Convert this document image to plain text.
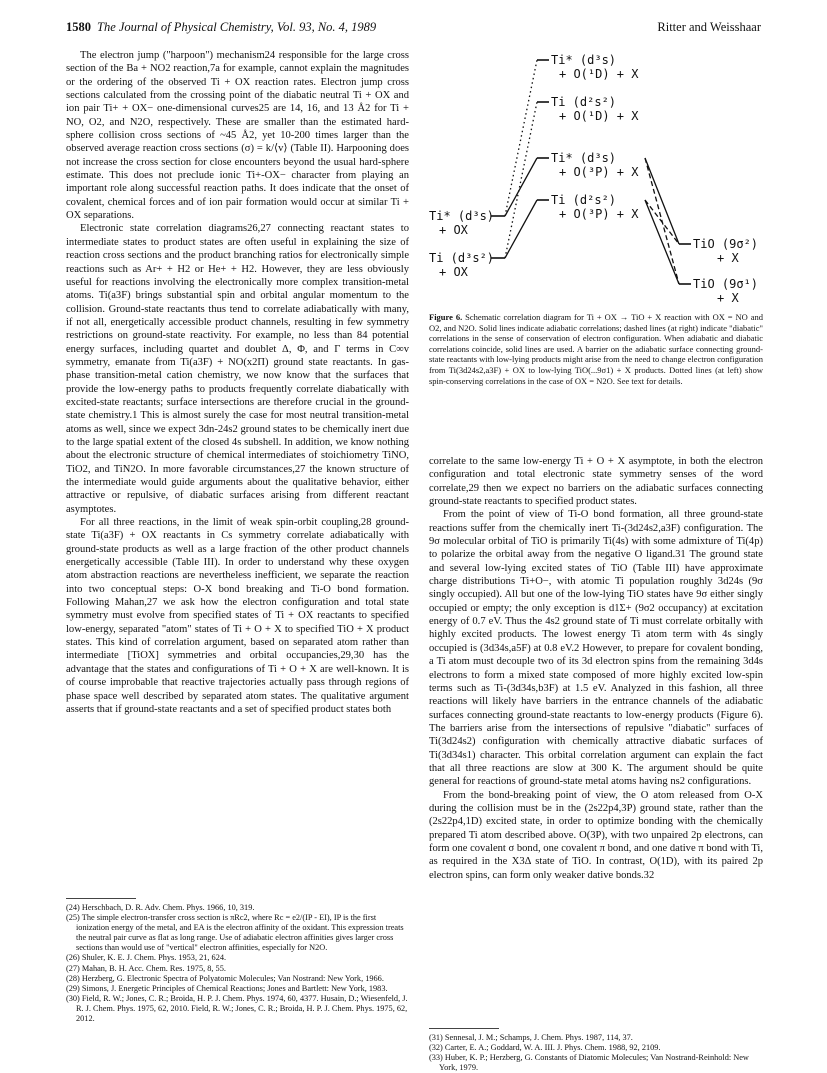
1580 The Journal of Physical Chemistry, Vol. 93, No. 4, 1989	Ritter and Weisshaar

The electron jump ("harpoon") mechanism24 responsible for the large cross section of the Ba + NO2 reaction,7a for example, cannot explain the magnitudes or the ordering of the observed Ti + OX reaction rates. Electron jump cross sections calculated from the crossing point of the diabatic neutral Ti + OX and ion pair Ti+ + OX− one-dimensional curves25 are 14, 16, and 13 Å2 for Ti + NO, O2, and N2O, respectively. These are smaller than the estimated hard-sphere collision cross sections of ~45 Å2, yet 10-200 times larger than the observed average reaction cross sections (σ) = k/⟨v⟩ (Table II). Harpooning does not increase the cross section for close encounters beyond the usual hard-sphere estimate. This does not preclude ionic Ti+-OX− character from playing an important role along successful reaction paths. It does indicate that the onset of covalent, chemical forces and of ion pair formation would occur at similar Ti + OX separations.

Electronic state correlation diagrams26,27 connecting reactant states to intermediate states to product states are often useful in explaining the size of reaction cross sections and the product branching ratios for electronically simple reactions such as Ar+ + H2 or He+ + H2. However, they are less obviously useful for reactions involving the electronically more complex transition-metal atoms. Ti(a3F) brings substantial spin and orbital angular momentum to the collision. Ground-state reactants thus tend to correlate adiabatically with many, if not all, energetically accessible product channels, resulting in few symmetry restrictions on ground-state reactivity. For example, no less than 84 potential energy surfaces, including quartet and doublet Δ, Φ, and Γ terms in C∞v symmetry, emanate from Ti(a3F) + NO(x2Π) ground state reactants. In gas-phase transition-metal cation chemistry, we now know that the surfaces that provide the low-energy paths to products frequently correlate diabatically with excited-state reactants; surface intersections are therefore crucial in the ground-state chemistry.1 This is almost surely the case for most neutral transition-metal atoms as well, since we expect 3dn-24s2 ground states to be chemically inert due to the large spatial extent of the closed 4s subshell. In addition, we know nothing about the electronic structure of chemical intermediates of stoichiometry TiNO, TiO2, and TiN2O. In more favorable circumstances,27 the known structure of the intermediate would guide arguments about the qualitative behavior, either attractive or repulsive, of diabatic surfaces arising from different reactant asymptotes.

For all three reactions, in the limit of weak spin-orbit coupling,28 ground-state Ti(a3F) + OX reactants in Cs symmetry correlate adiabatically with ground-state products as well as a large fraction of the other product channels energetically accessible (Table III). In order to understand why these oxygen atom abstraction reactions are nevertheless inefficient, we separate the reaction into two conceptual steps: O-X bond breaking and Ti-O bond formation. Following Mahan,27 we ask how the electron configuration and total state symmetry must evolve from specified states of Ti + OX reactants to specified low-energy, separated "atom" states of Ti + O + X to specified TiO + X product states. This kind of correlation argument, based on separated atom rather than intermediate [TiOX] symmetries and orbital occupancies,29,30 has the advantage that the states and configurations of Ti + O + X are well-known. It is of course improbable that reactive trajectories actually pass through regions of phase space well described by separated atom states. The qualitative argument asserts that if ground-state reactants and a set of specified product states both

(24) Herschbach, D. R. Adv. Chem. Phys. 1966, 10, 319.
(25) The simple electron-transfer cross section is πRc2, where Rc = e2/(IP - EI), IP is the first ionization energy of the metal, and EA is the electron affinity of the oxidant. This expression treats the neutral pair curve as flat as long range. Use of adiabatic electron affinities gives larger cross sections than would use of "vertical" electron affinities, especially for N2O.
(26) Shuler, K. E. J. Chem. Phys. 1953, 21, 624.
(27) Mahan, B. H. Acc. Chem. Res. 1975, 8, 55.
(28) Herzberg, G. Electronic Spectra of Polyatomic Molecules; Van Nostrand: New York, 1966.
(29) Simons, J. Energetic Principles of Chemical Reactions; Jones and Bartlett: New York, 1983.
(30) Field, R. W.; Jones, C. R.; Broida, H. P. J. Chem. Phys. 1974, 60, 4377. Husain, D.; Wiesenfeld, J. R. J. Chem. Phys. 1975, 62, 2010. Field, R. W.; Jones, C. R.; Broida, H. P. J. Chem. Phys. 1975, 62, 2012.
Ti* (d³s)
+ O(¹D) + X
Ti (d²s²)
+ O(¹D) + X
Ti* (d³s)
+ O(³P) + X
Ti (d²s²)
+ O(³P) + X
Ti* (d³s)
+ OX
Ti (d³s²)
+ OX
TiO (9σ²)
+ X
TiO (9σ¹)
+ X
Figure 6. Schematic correlation diagram for Ti + OX → TiO + X reaction with OX = NO and O2, and N2O. Solid lines indicate adiabatic correlations; dashed lines (at right) indicate "diabatic" correlations in the sense of conservation of electron configuration. When adiabatic and diabatic correlations coincide, solid lines are used. A barrier on the adiabatic surface connecting ground-state reactants with low-lying products might arise from the need to change electron configuration from Ti(3d24s2,a3F) + OX to low-lying TiO(...9σ1) + X products. Dotted lines (at left) show spin-conserving correlations in the case of OX = N2O. See text for details.

correlate to the same low-energy Ti + O + X asymptote, in both the electron configuration and total electronic state symmetry senses of the word correlate,29 then we expect no barriers on the adiabatic surfaces connecting ground-state reactants to specified product states.

From the point of view of Ti-O bond formation, all three ground-state reactions suffer from the chemically inert Ti-(3d24s2,a3F) configuration. The 9σ molecular orbital of TiO is primarily Ti(4s) with some admixture of Ti(4p) to polarize the orbital away from the negative O ligand.31 The ground state and several low-lying excited states of TiO (Table III) have approximate charge distributions Ti+O−, with atomic Ti population roughly 3d24s (9σ singly occupied). All but one of the low-lying TiO states have 9σ either singly occupied or empty; the only exception is d1Σ+ (9σ2 occupancy) at excitation energy of 0.7 eV. Thus the 4s2 ground state of Ti must correlate orbitally with highly excited products. The lowest energy Ti atom term with 4s singly occupied is (3d34s,a5F) at 0.8 eV.2 However, to prepare for covalent bonding, a Ti atom must decouple two of its 3d electron spins from the remaining 3d4s electrons to form a mixed state composed of more highly excited low-spin terms such as Ti-(3d34s,b3F) at 1.5 eV. Analyzed in this fashion, all three reactions will likely have barriers in the entrance channels of the adiabatic surfaces connecting ground-state reactants to low-energy products (Figure 6). The barriers arise from the intersections of repulsive "diabatic" surfaces of Ti(3d24s2) configuration with chemically attractive diabatic surfaces of Ti(3d34s1) character. This orbital correlation argument can explain the fact that all three reactions are slow at 300 K. The argument should be quite general for reactions of ground-state metal atoms having ns2 configurations.

From the bond-breaking point of view, the O atom released from O-X during the collision must be in the (2s22p4,3P) ground state, rather than the (2s22p4,1D) excited state, in order to optimize bonding with the chemically prepared Ti atom described above. O(3P), with two unpaired 2p electrons, can form one covalent σ bond, one covalent π bond, and one dative π bond with Ti, as required in the X3Δ state of TiO. In contrast, O(1D), with its paired 2p electron spins, can form only weaker dative bonds.32

(31) Sennesal, J. M.; Schamps, J. Chem. Phys. 1987, 114, 37.
(32) Carter, E. A.; Goddard, W. A. III. J. Phys. Chem. 1988, 92, 2109.
(33) Huber, K. P.; Herzberg, G. Constants of Diatomic Molecules; Van Nostrand-Reinhold: New York, 1979.
